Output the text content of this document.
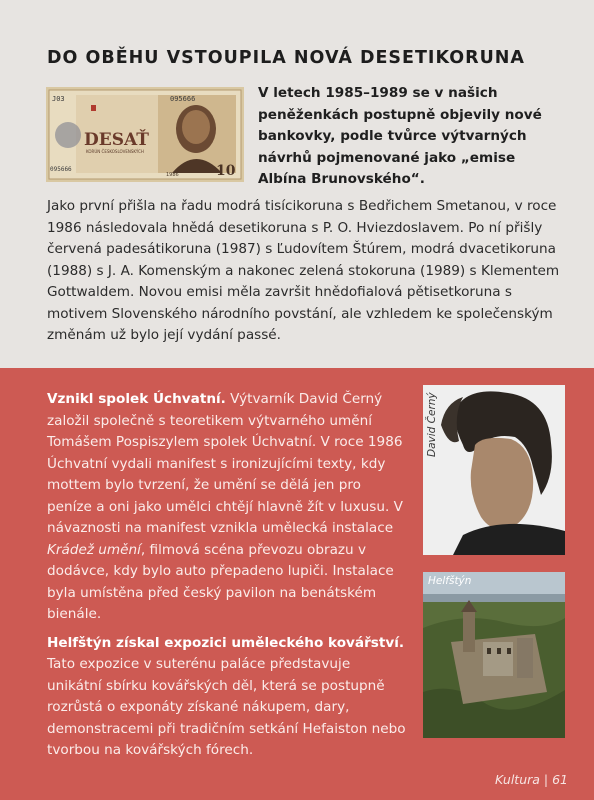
DO OBĚHU VSTOUPILA NOVÁ DESETIKORUNA
J03	095666
DESAŤ
KORÚN ČESKOSLOVENSKÝCH
095666
1986	10
V letech 1985–1989 se v našich peněženkách postupně objevily nové bankovky, podle tvůrce výtvarných návrhů pojmenované jako „emise Albína Brunovského“.
Jako první přišla na řadu modrá tisícikoruna s Bedřichem Smetanou, v roce 1986 následovala hnědá desetikoruna s P. O. Hviezdoslavem. Po ní přišly červená padesátikoruna (1987) s Ľudovítem Štúrem, modrá dvacetikoruna (1988) s J. A. Komenským a nakonec zelená stokoruna (1989) s Klementem Gottwaldem. Novou emisi měla završit hnědofialová pětisetkoruna s motivem Slovenského národního povstání, ale vzhledem ke společenským změnám už bylo její vydání passé.
Vznikl spolek Úchvatní. Výtvarník David Černý založil společně s teoretikem výtvarného umění Tomášem Pospiszylem spolek Úchvatní. V roce 1986 Úchvatní vydali manifest s ironizujícími texty, kdy mottem bylo tvrzení, že umění se dělá jen pro peníze a oni jako umělci chtějí hlavně žít v luxusu. V návaznosti na manifest vznikla umělecká instalace Krádež umění, filmová scéna převozu obrazu v dodávce, kdy bylo auto přepadeno lupiči. Instalace byla umístěna před český pavilon na benátském bienále.
Helfštýn získal expozici uměleckého kovářství. Tato expozice v suterénu paláce představuje unikátní sbírku kovářských děl, která se postupně rozrůstá o exponáty získané nákupem, dary, demonstracemi při tradičním setkání Hefaiston nebo tvorbou na kovářských fórech.
David Černý
Helfštýn
Kultura | 61
